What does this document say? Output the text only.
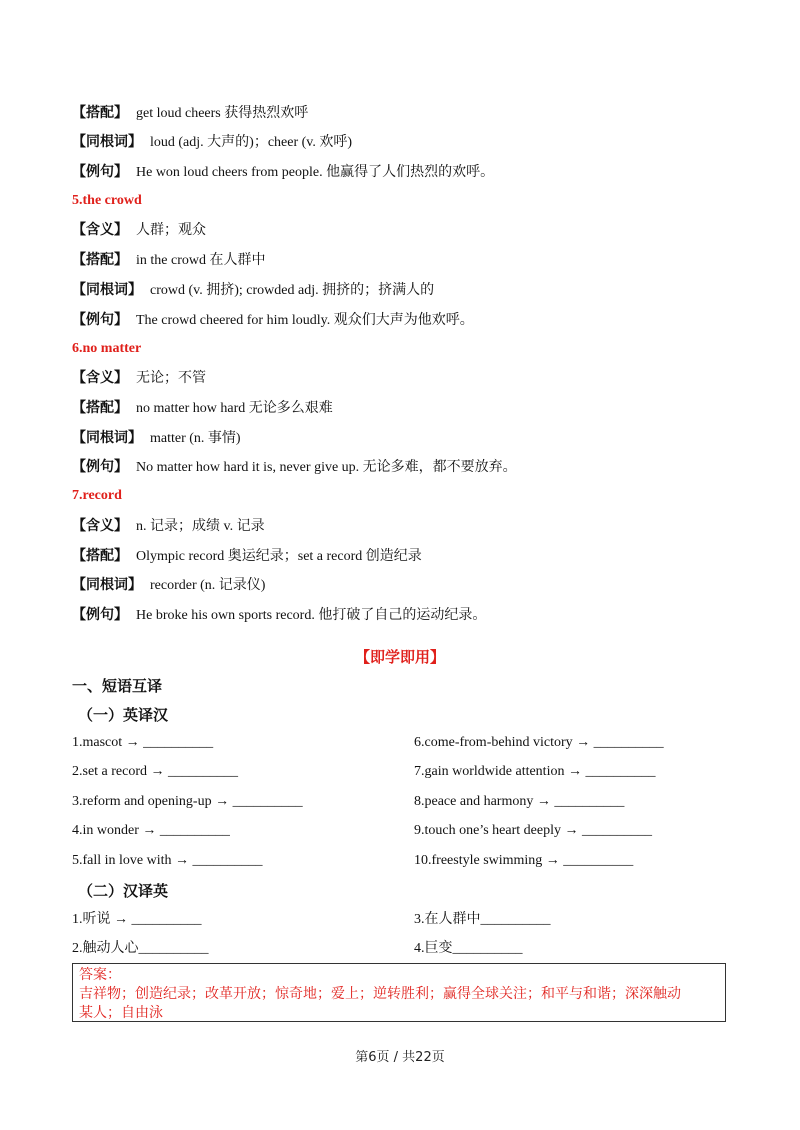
【搭配】 get loud cheers 获得热烈欢呼
【同根词】 loud (adj. 大声的)；cheer (v. 欢呼)
【例句】 He won loud cheers from people. 他赢得了人们热烈的欢呼。
5.the crowd
【含义】 人群；观众
【搭配】 in the crowd 在人群中
【同根词】 crowd (v. 拥挤); crowded adj. 拥挤的；挤满人的
【例句】 The crowd cheered for him loudly. 观众们大声为他欢呼。
6.no matter
【含义】 无论；不管
【搭配】 no matter how hard 无论多么艰难
【同根词】 matter (n. 事情)
【例句】 No matter how hard it is, never give up. 无论多难，都不要放弃。
7.record
【含义】 n. 记录；成绩 v. 记录
【搭配】 Olympic record 奥运纪录；set a record 创造纪录
【同根词】 recorder (n. 记录仪)
【例句】 He broke his own sports record. 他打破了自己的运动纪录。
【即学即用】
一、短语互译
（一）英译汉
1.mascot → __________	6.come-from-behind victory → __________
2.set a record → __________	7.gain worldwide attention → __________
3.reform and opening-up → __________	8.peace and harmony → __________
4.in wonder → __________	9.touch one’s heart deeply → __________
5.fall in love with → __________	10.freestyle swimming → __________
（二）汉译英
1.听说 → __________	3.在人群中__________
2.触动人心__________	4.巨变__________
答案：
吉祥物；创造纪录；改革开放；惊奇地；爱上；逆转胜利；赢得全球关注；和平与和谐；深深触动
某人；自由泳
第6页 / 共22页
